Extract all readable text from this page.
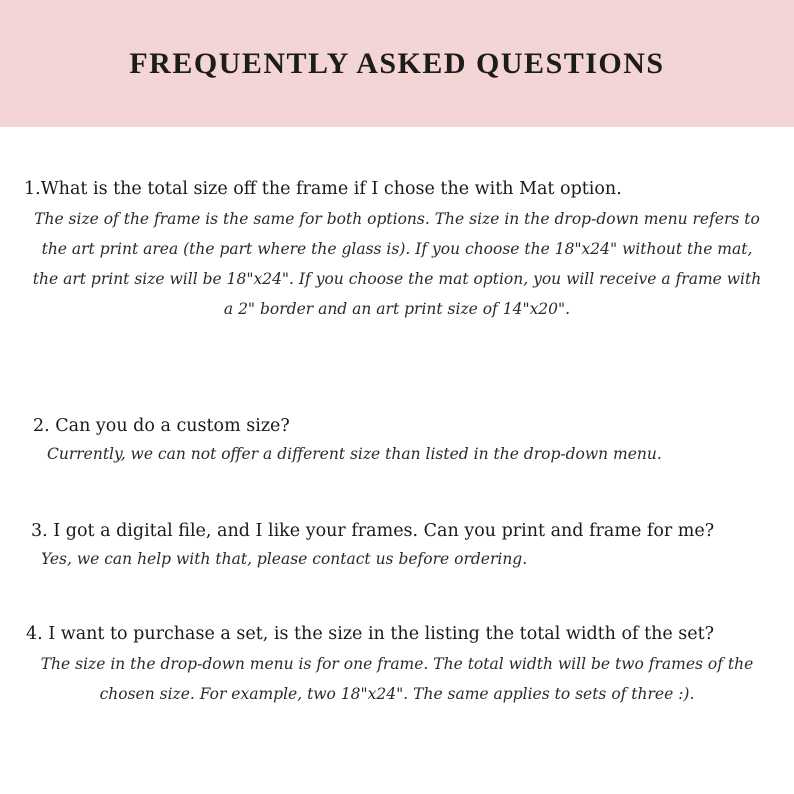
FREQUENTLY ASKED QUESTIONS

1.What is the total size off the frame if I chose the with Mat option.

The size of the frame is the same for both options. The size in the drop-down menu refers to the art print area (the part where the glass is). If you choose the 18"x24" without the mat, the art print size will be 18"x24". If you choose the mat option, you will receive a frame with a 2" border and an art print size of 14"x20".

2. Can you do a custom size?

Currently, we can not offer a different size than listed in the drop-down menu.

3. I got a digital file, and I like your frames. Can you print and frame for me?

Yes, we can help with that, please contact us before ordering.

4. I want to purchase a set, is the size in the listing the total width of the set?

The size in the drop-down menu is for one frame. The total width will be two frames of the chosen size. For example, two 18"x24". The same applies to sets of three :).
